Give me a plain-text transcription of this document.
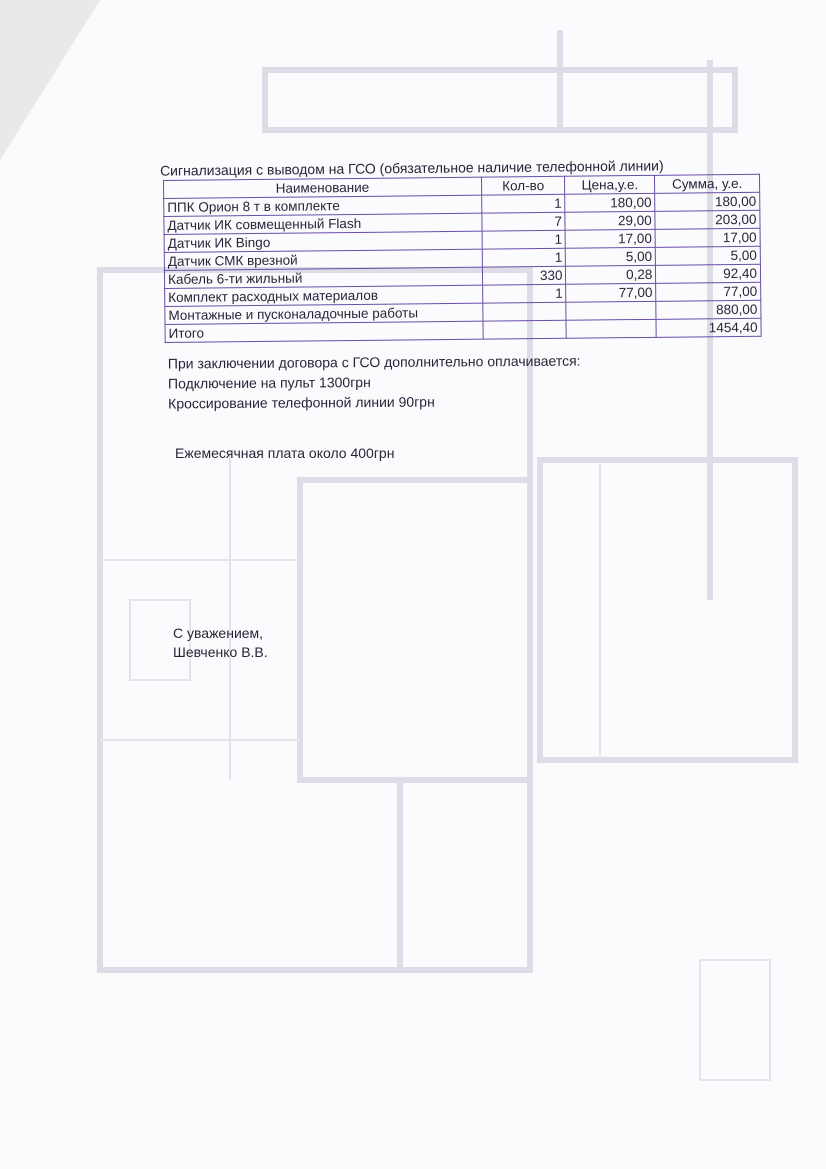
Сигнализация с выводом на ГСО (обязательное наличие телефонной линии)
Наименование	Кол-во	Цена,у.е.	Сумма, у.е.
ППК Орион 8 т в комплекте	1	180,00	180,00
Датчик ИК совмещенный Flash	7	29,00	203,00
Датчик ИК Bingo	1	17,00	17,00
Датчик СМК врезной	1	5,00	5,00
Кабель 6-ти жильный	330	0,28	92,40
Комплект расходных материалов	1	77,00	77,00
Монтажные и пусконаладочные работы			880,00
Итого			1454,40
При заключении договора с ГСО дополнительно оплачивается:
Подключение на пульт 1300грн
Кроссирование телефонной линии 90грн
Ежемесячная плата около 400грн
С уважением,
Шевченко В.В.
